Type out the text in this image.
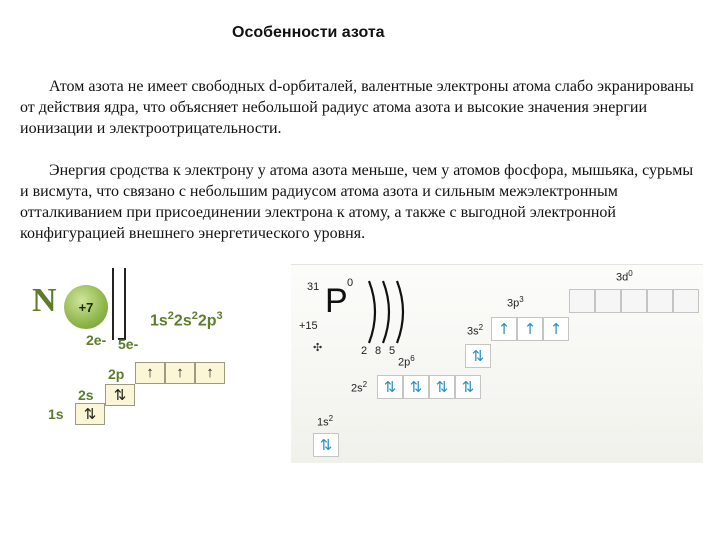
Особенности азота

Атом азота не имеет свободных d-орбиталей, валентные электроны атома слабо экранированы от действия ядра, что объясняет небольшой радиус атома азота и высокие значения энергии ионизации и электроотрицательности.

Энергия сродства к электрону у атома азота меньше, чем у атомов фосфора, мышьяка, сурьмы и висмута, что связано с небольшим радиусом атома азота и сильным межэлектронным отталкиванием при присоединении электрона к атому, а также с выгодной электронной конфигурацией внешнего энергетического уровня.

N +7
$1s^22s^22p^3$
2e- 5e-
2p ↑ ↑ ↑
2s ⇅
1s ⇅
31	0
P
+15
✣	2 8 5
$2p^6$
$3d^0$
$3p^3$
↑ ↑ ↑
$3s^2$
⇅
$2s^2$ ⇅ ⇅ ⇅ ⇅
$1s^2$
⇅
